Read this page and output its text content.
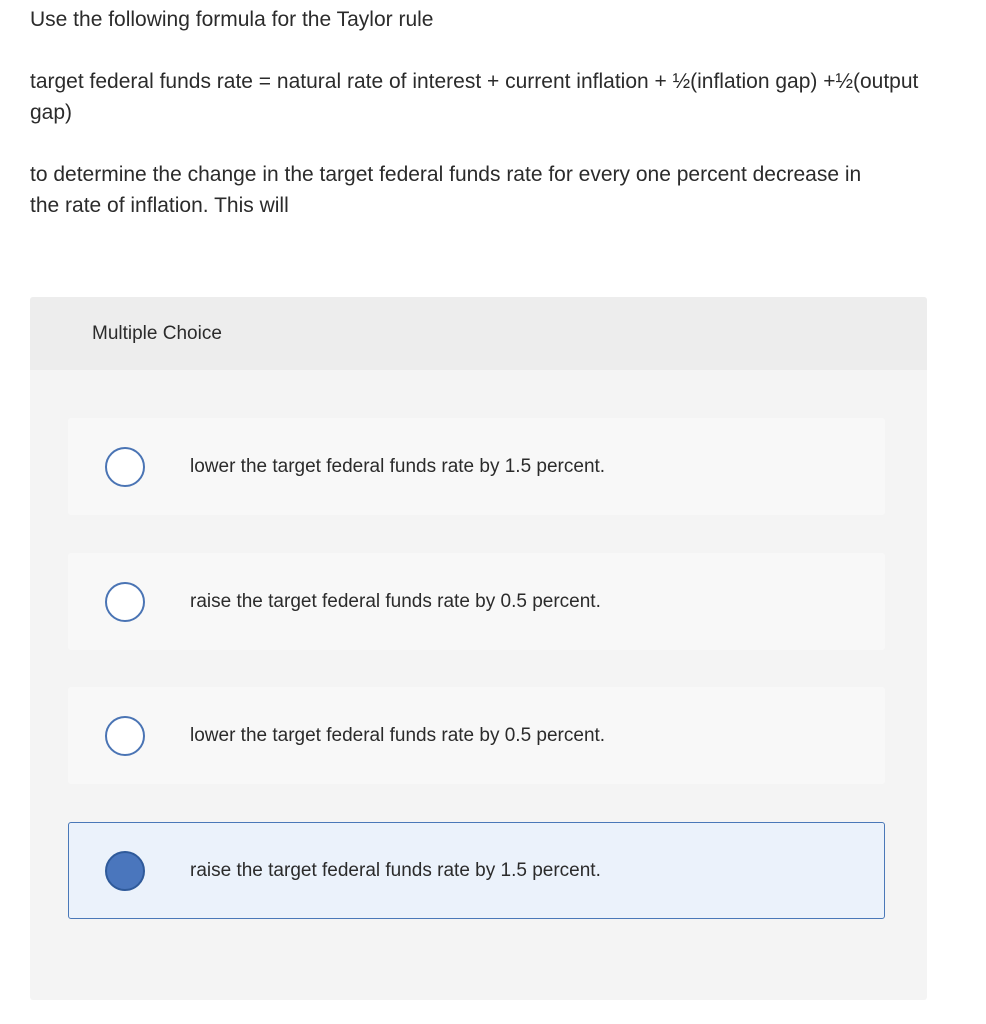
Use the following formula for the Taylor rule

target federal funds rate = natural rate of interest + current inflation + ½(inflation gap) +½(output gap)

to determine the change in the target federal funds rate for every one percent decrease in the rate of inflation. This will

Multiple Choice
lower the target federal funds rate by 1.5 percent.
raise the target federal funds rate by 0.5 percent.
lower the target federal funds rate by 0.5 percent.
raise the target federal funds rate by 1.5 percent.
